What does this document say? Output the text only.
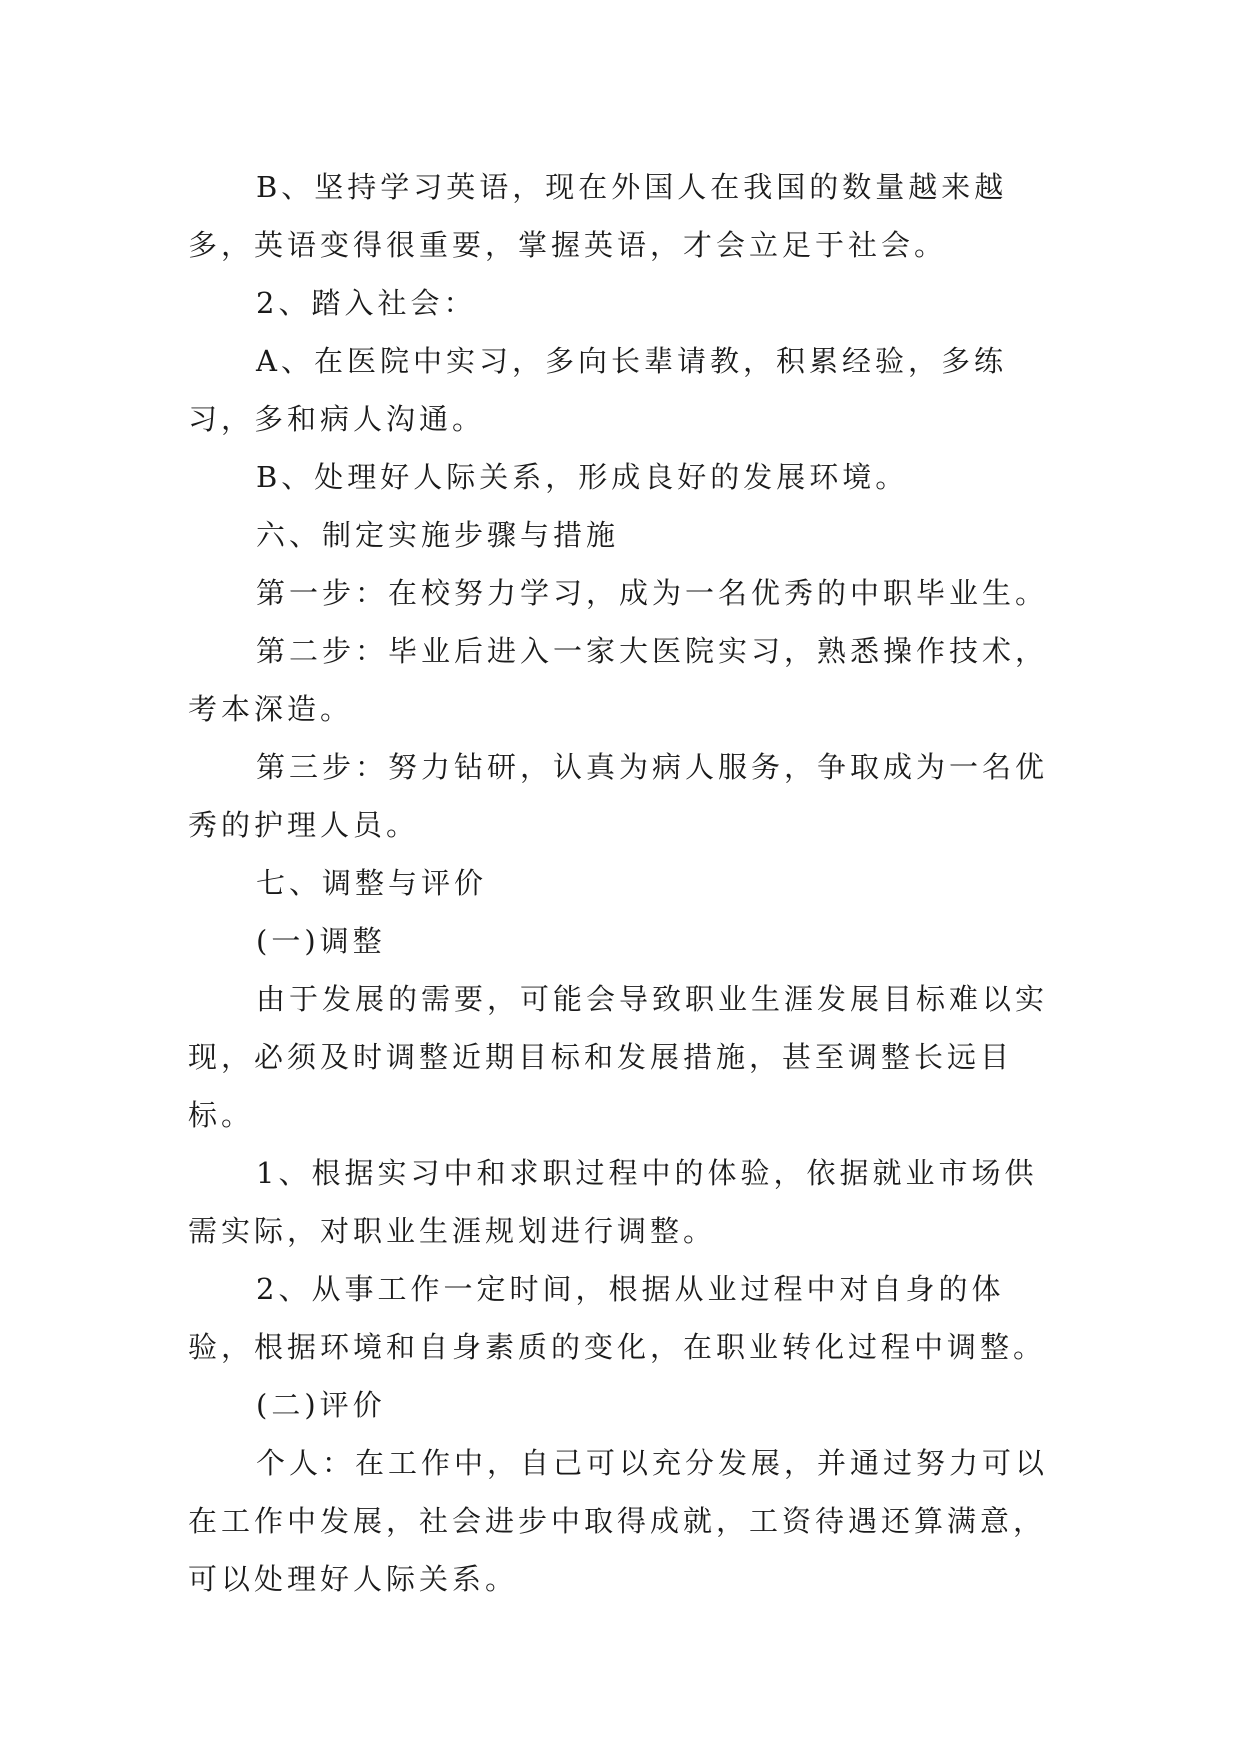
B、坚持学习英语，现在外国人在我国的数量越来越多，英语变得很重要，掌握英语，才会立足于社会。

2、踏入社会：

A、在医院中实习，多向长辈请教，积累经验，多练习，多和病人沟通。

B、处理好人际关系，形成良好的发展环境。

六、制定实施步骤与措施

第一步：在校努力学习，成为一名优秀的中职毕业生。

第二步：毕业后进入一家大医院实习，熟悉操作技术，考本深造。

第三步：努力钻研，认真为病人服务，争取成为一名优秀的护理人员。

七、调整与评价

(一)调整

由于发展的需要，可能会导致职业生涯发展目标难以实现，必须及时调整近期目标和发展措施，甚至调整长远目标。

1、根据实习中和求职过程中的体验，依据就业市场供需实际，对职业生涯规划进行调整。

2、从事工作一定时间，根据从业过程中对自身的体验，根据环境和自身素质的变化，在职业转化过程中调整。

(二)评价

个人：在工作中，自己可以充分发展，并通过努力可以在工作中发展，社会进步中取得成就，工资待遇还算满意，可以处理好人际关系。
